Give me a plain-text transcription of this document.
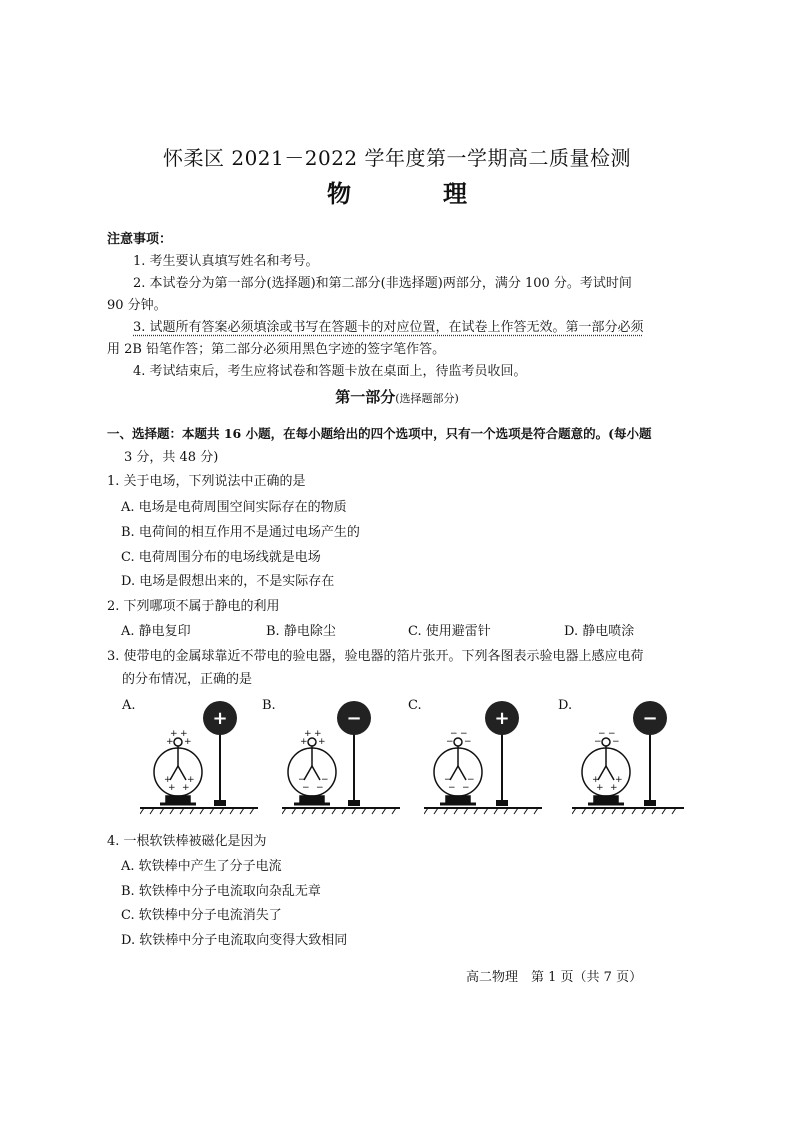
怀柔区 2021－2022 学年度第一学期高二质量检测
物　理
注意事项：
1. 考生要认真填写姓名和考号。
2. 本试卷分为第一部分(选择题)和第二部分(非选择题)两部分，满分 100 分。考试时间
90 分钟。
3. 试题所有答案必须填涂或书写在答题卡的对应位置，在试卷上作答无效。第一部分必须
用 2B 铅笔作答；第二部分必须用黑色字迹的签字笔作答。
4. 考试结束后，考生应将试卷和答题卡放在桌面上，待监考员收回。
第一部分(选择题部分)
一、选择题：本题共 16 小题，在每小题给出的四个选项中，只有一个选项是符合题意的。(每小题
3 分，共 48 分)
1. 关于电场，下列说法中正确的是
A. 电场是电荷周围空间实际存在的物质
B. 电荷间的相互作用不是通过电场产生的
C. 电荷周围分布的电场线就是电场
D. 电场是假想出来的，不是实际存在
2. 下列哪项不属于静电的利用
A. 静电复印	B. 静电除尘	C. 使用避雷针	D. 静电喷涂
3. 使带电的金属球靠近不带电的验电器，验电器的箔片张开。下列各图表示验电器上感应电荷
的分布情况，正确的是
A.	B.	C.	D.
+ +
+ +
+ +
+ +
+
+ +
+ +
− −
− −
−
− −
− −
− −
− −
+
− −
− −
+ +
+ +
−
4. 一根软铁棒被磁化是因为
A. 软铁棒中产生了分子电流
B. 软铁棒中分子电流取向杂乱无章
C. 软铁棒中分子电流消失了
D. 软铁棒中分子电流取向变得大致相同
高二物理　第 1 页（共 7 页）
